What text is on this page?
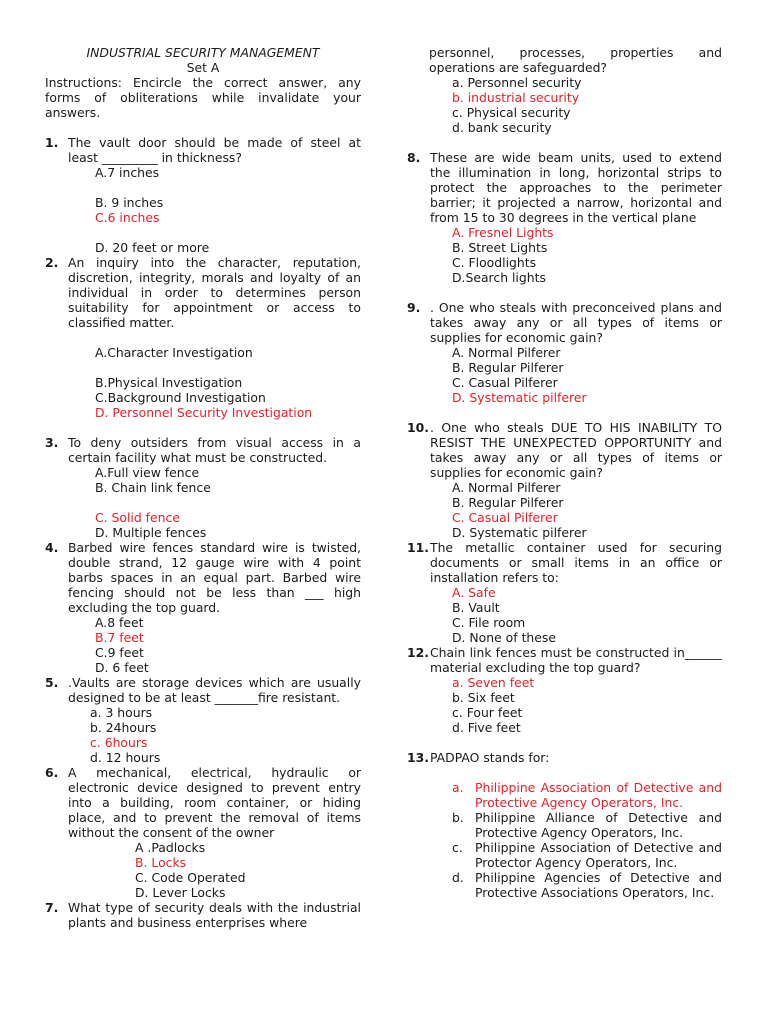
INDUSTRIAL SECURITY MANAGEMENT
Set A
Instructions: Encircle the correct answer, any forms of obliterations while invalidate your answers.
1. The vault door should be made of steel at least _________ in thickness?
A.7 inches
B. 9 inches
C.6 inches
D. 20 feet or more
2. An inquiry into the character, reputation, discretion, integrity, morals and loyalty of an individual in order to determines person suitability for appointment or access to classified matter.
A.Character Investigation
B.Physical Investigation
C.Background Investigation
D. Personnel Security Investigation
3. To deny outsiders from visual access in a certain facility what must be constructed.
A.Full view fence
B. Chain link fence
C. Solid fence
D. Multiple fences
4. Barbed wire fences standard wire is twisted, double strand, 12 gauge wire with 4 point barbs spaces in an equal part. Barbed wire fencing should not be less than ___ high excluding the top guard.
A.8 feet
B.7 feet
C.9 feet
D. 6 feet
5. .Vaults are storage devices which are usually designed to be at least _______fire resistant.
a. 3 hours
b. 24hours
c. 6hours
d. 12 hours
6. A mechanical, electrical, hydraulic or electronic device designed to prevent entry into a building, room container, or hiding place, and to prevent the removal of items without the consent of the owner
A .Padlocks
B. Locks
C. Code Operated
D. Lever Locks
7. What type of security deals with the industrial plants and business enterprises where
personnel, processes, properties and operations are safeguarded?
a. Personnel security
b. industrial security
c. Physical security
d. bank security
8. These are wide beam units, used to extend the illumination in long, horizontal strips to protect the approaches to the perimeter barrier; it projected a narrow, horizontal and from 15 to 30 degrees in the vertical plane
A. Fresnel Lights
B. Street Lights
C. Floodlights
D.Search lights
9. . One who steals with preconceived plans and takes away any or all types of items or supplies for economic gain?
A. Normal Pilferer
B. Regular Pilferer
C. Casual Pilferer
D. Systematic pilferer
10. . One who steals DUE TO HIS INABILITY TO RESIST THE UNEXPECTED OPPORTUNITY and takes away any or all types of items or supplies for economic gain?
A. Normal Pilferer
B. Regular Pilferer
C. Casual Pilferer
D. Systematic pilferer
11. The metallic container used for securing documents or small items in an office or installation refers to:
A. Safe
B. Vault
C. File room
D. None of these
12. Chain link fences must be constructed in______ material excluding the top guard?
a. Seven feet
b. Six feet
c. Four feet
d. Five feet
13. PADPAO stands for:
a. Philippine Association of Detective and Protective Agency Operators, Inc.
b. Philippine Alliance of Detective and Protective Agency Operators, Inc.
c. Philippine Association of Detective and Protector Agency Operators, Inc.
d. Philippine Agencies of Detective and Protective Associations Operators, Inc.
